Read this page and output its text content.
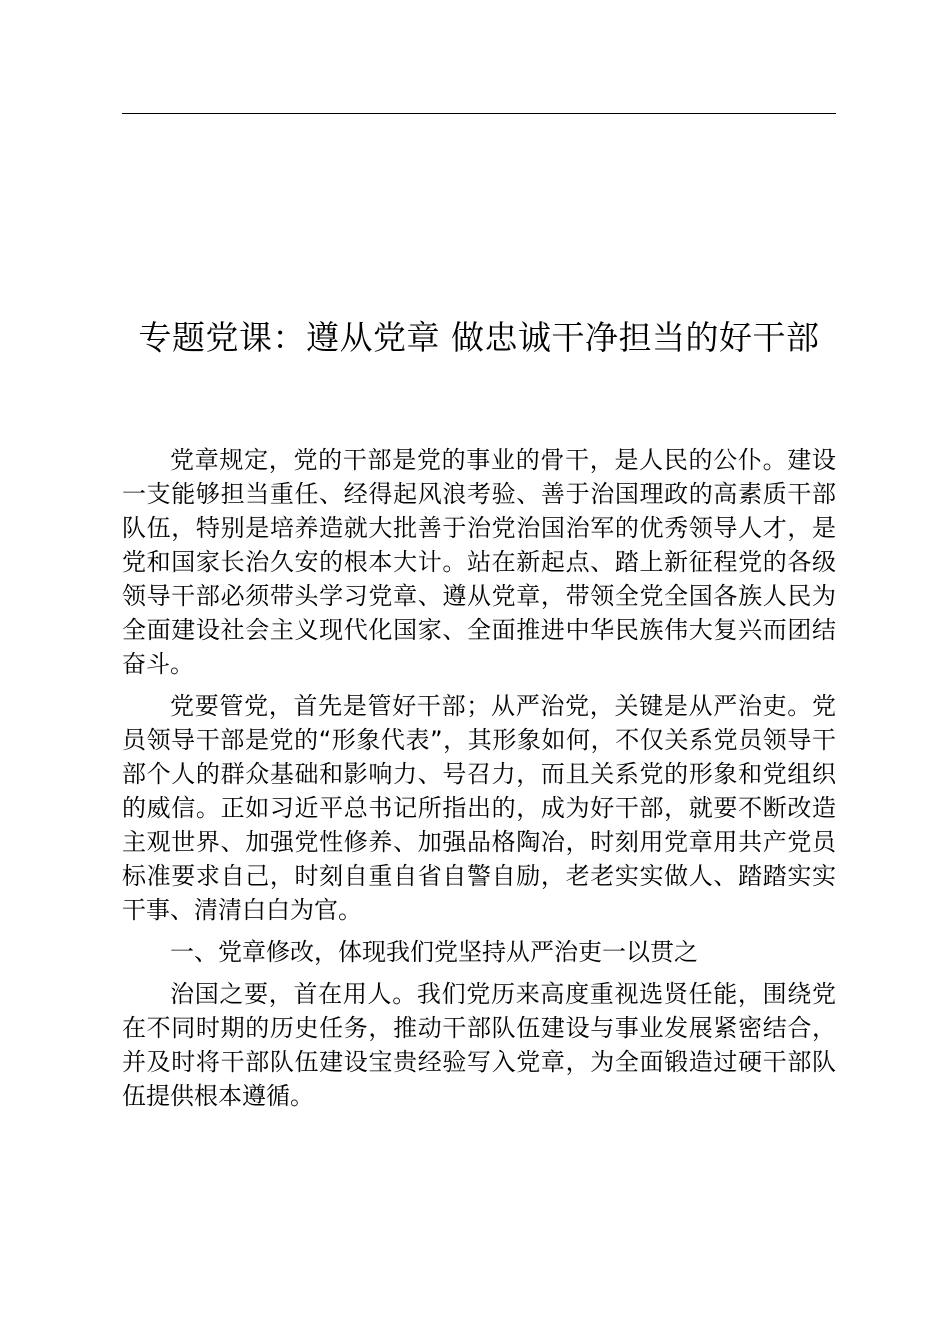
专题党课：遵从党章 做忠诚干净担当的好干部

党章规定，党的干部是党的事业的骨干，是人民的公仆。建设一支能够担当重任、经得起风浪考验、善于治国理政的高素质干部队伍，特别是培养造就大批善于治党治国治军的优秀领导人才，是党和国家长治久安的根本大计。站在新起点、踏上新征程党的各级领导干部必须带头学习党章、遵从党章，带领全党全国各族人民为全面建设社会主义现代化国家、全面推进中华民族伟大复兴而团结奋斗。

党要管党，首先是管好干部；从严治党，关键是从严治吏。党员领导干部是党的“形象代表”，其形象如何，不仅关系党员领导干部个人的群众基础和影响力、号召力，而且关系党的形象和党组织的威信。正如习近平总书记所指出的，成为好干部，就要不断改造主观世界、加强党性修养、加强品格陶冶，时刻用党章用共产党员标准要求自己，时刻自重自省自警自励，老老实实做人、踏踏实实干事、清清白白为官。

一、党章修改，体现我们党坚持从严治吏一以贯之

治国之要，首在用人。我们党历来高度重视选贤任能，围绕党在不同时期的历史任务，推动干部队伍建设与事业发展紧密结合，并及时将干部队伍建设宝贵经验写入党章，为全面锻造过硬干部队伍提供根本遵循。
